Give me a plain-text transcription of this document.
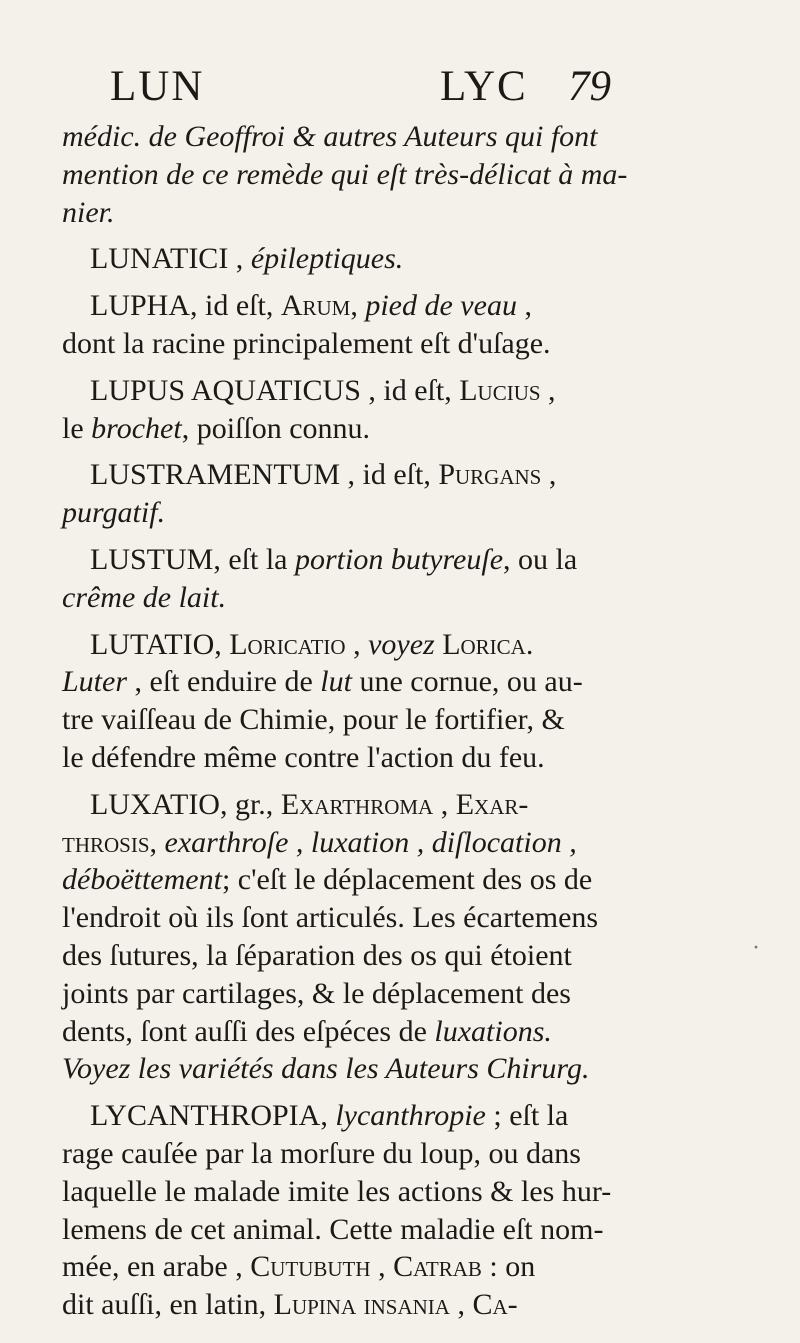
LUN	LYC 79
médic. de Geoffroi & autres Auteurs qui font
mention de ce remède qui eſt très-délicat à ma-
nier.
LUNATICI , épileptiques.
LUPHA, id eſt, Arum, pied de veau ,
dont la racine principalement eſt d'uſage.
LUPUS AQUATICUS , id eſt, Lucius ,
le brochet, poiſſon connu.
LUSTRAMENTUM , id eſt, Purgans ,
purgatif.
LUSTUM, eſt la portion butyreuſe, ou la
crême de lait.
LUTATIO, Loricatio , voyez Lorica.
Luter , eſt enduire de lut une cornue, ou au-
tre vaiſſeau de Chimie, pour le fortifier, &
le défendre même contre l'action du feu.
LUXATIO, gr., Exarthroma , Exar-
throsis, exarthroſe , luxation , diſlocation ,
déboëttement; c'eſt le déplacement des os de
l'endroit où ils ſont articulés. Les écartemens
des ſutures, la ſéparation des os qui étoient
joints par cartilages, & le déplacement des
dents, ſont auſſi des eſpéces de luxations.
Voyez les variétés dans les Auteurs Chirurg.
LYCANTHROPIA, lycanthropie ; eſt la
rage cauſée par la morſure du loup, ou dans
laquelle le malade imite les actions & les hur-
lemens de cet animal. Cette maladie eſt nom-
mée, en arabe , Cutubuth , Catrab : on
dit auſſi, en latin, Lupina insania , Ca-
·
